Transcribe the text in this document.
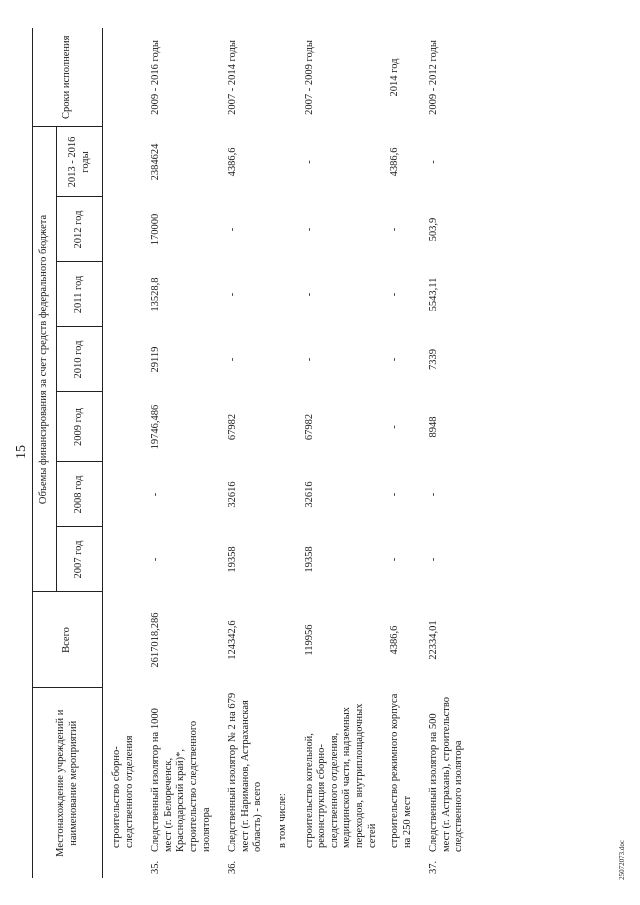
15
25072073.doc
Местонахождение учреждений и наименование мероприятий	Всего	Объемы финансирования за счет средств федерального бюджета							Сроки исполнения
		2007 год	2008 год	2009 год	2010 год	2011 год	2012 год	2013 - 2016 годы	

строительство сборно-следственного отделения									

35.
Следственный изолятор на 1000 мест (г. Белореченск, Краснодарский край)*, строительство следственного изолятора
2617018,286	-	-	19746,486	29119	13528,8	170000	2384624	2009 - 2016 годы

36.
Следственный изолятор № 2 на 679 мест (г. Нариманов, Астраханская область) - всего
124342,6	19358	32616	67982	-	-	-	4386,6	2007 - 2014 годы

в том числе:									

строительство котельной, реконструкция сборно-следственного отделения, медицинской части, надземных переходов, внутриплощадочных сетей	119956	19358	32616	67982	-	-	-	-	2007 - 2009 годы

строительство режимного корпуса на 250 мест	4386,6	-	-	-	-	-	-	4386,6	2014 год

37.
Следственный изолятор на 500 мест (г. Астрахань), строительство следственного изолятора
22334,01	-	-	8948	7339	5543,11	503,9	-	2009 - 2012 годы
